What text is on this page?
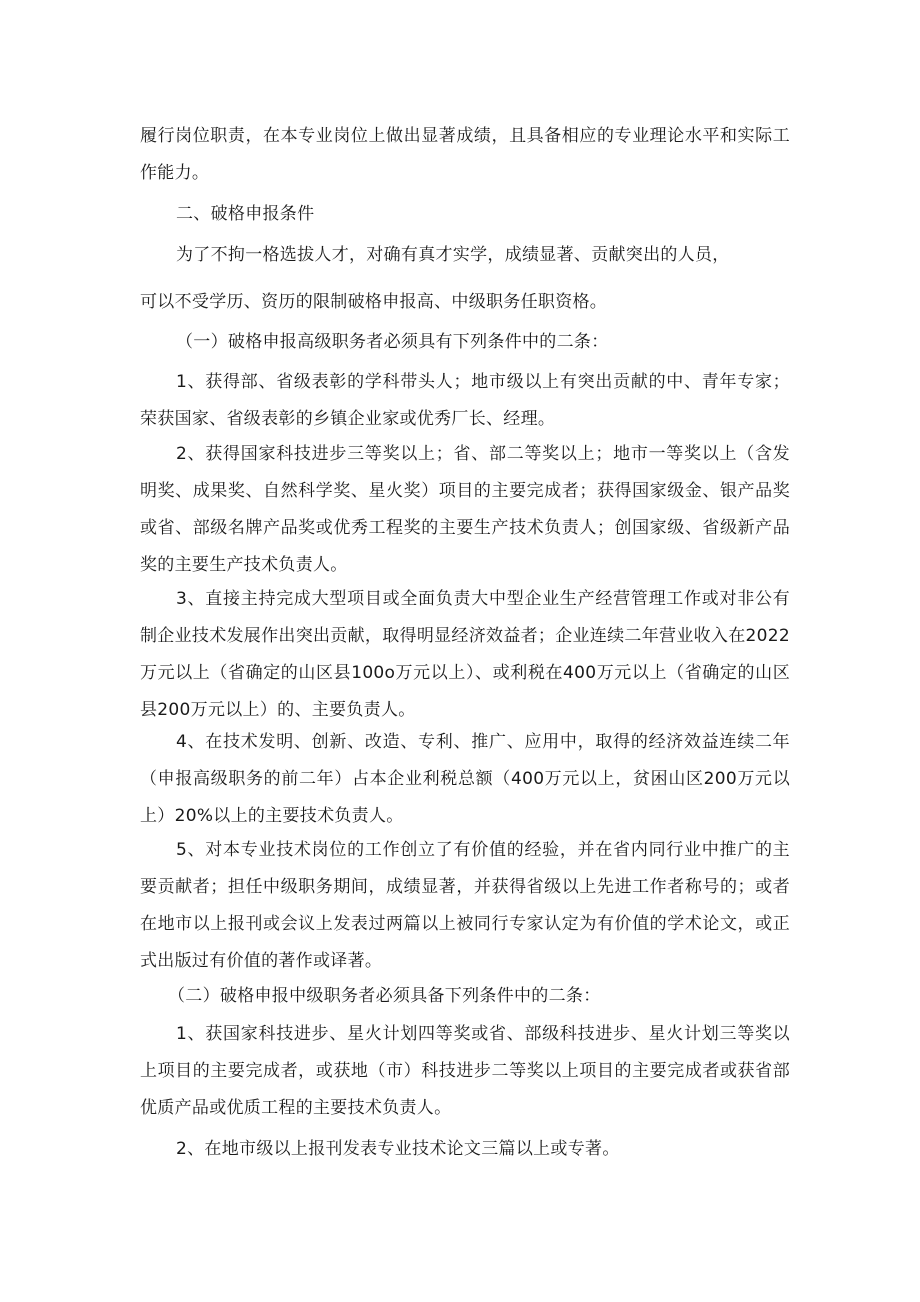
履行岗位职责，在本专业岗位上做出显著成绩，且具备相应的专业理论水平和实际工作能力。

二、破格申报条件

为了不拘一格选拔人才，对确有真才实学，成绩显著、贡献突出的人员，

可以不受学历、资历的限制破格申报高、中级职务任职资格。

（一）破格申报高级职务者必须具有下列条件中的二条：

1、获得部、省级表彰的学科带头人；地市级以上有突出贡献的中、青年专家；荣获国家、省级表彰的乡镇企业家或优秀厂长、经理。

2、获得国家科技进步三等奖以上；省、部二等奖以上；地市一等奖以上（含发明奖、成果奖、自然科学奖、星火奖）项目的主要完成者；获得国家级金、银产品奖或省、部级名牌产品奖或优秀工程奖的主要生产技术负责人；创国家级、省级新产品奖的主要生产技术负责人。

3、直接主持完成大型项目或全面负责大中型企业生产经营管理工作或对非公有制企业技术发展作出突出贡献，取得明显经济效益者；企业连续二年营业收入在2022万元以上（省确定的山区县100o万元以上）、或利税在400万元以上（省确定的山区县200万元以上）的、主要负责人。

4、在技术发明、创新、改造、专利、推广、应用中，取得的经济效益连续二年（申报高级职务的前二年）占本企业利税总额（400万元以上，贫困山区200万元以上）20%以上的主要技术负责人。

5、对本专业技术岗位的工作创立了有价值的经验，并在省内同行业中推广的主要贡献者；担任中级职务期间，成绩显著，并获得省级以上先进工作者称号的；或者在地市以上报刊或会议上发表过两篇以上被同行专家认定为有价值的学术论文，或正式出版过有价值的著作或译著。

（二）破格申报中级职务者必须具备下列条件中的二条：

1、获国家科技进步、星火计划四等奖或省、部级科技进步、星火计划三等奖以上项目的主要完成者，或获地（市）科技进步二等奖以上项目的主要完成者或获省部优质产品或优质工程的主要技术负责人。

2、在地市级以上报刊发表专业技术论文三篇以上或专著。
